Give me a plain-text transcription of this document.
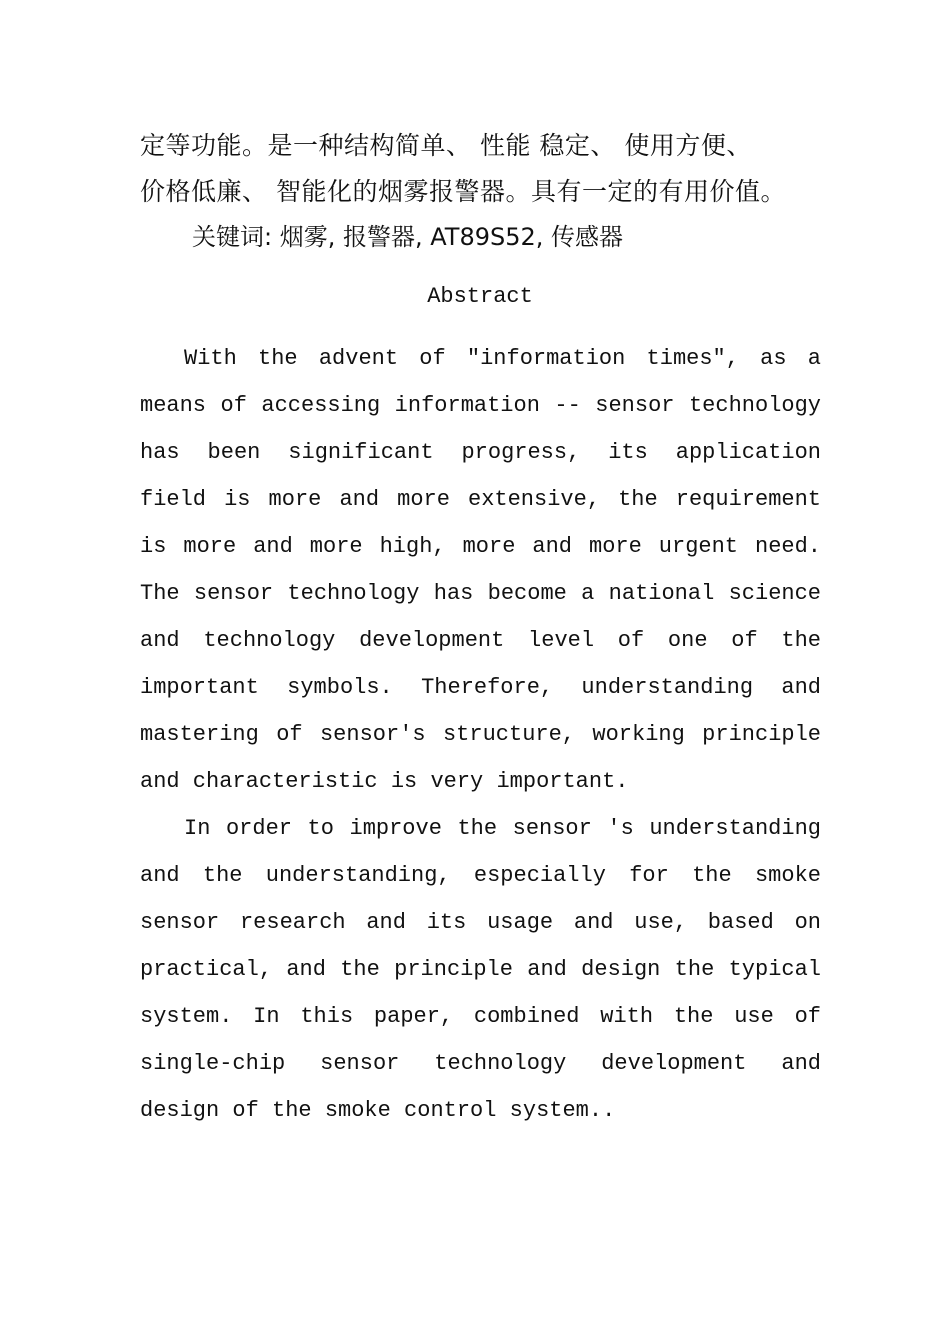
定等功能。是一种结构简单、 性能 稳定、 使用方便、
价格低廉、 智能化的烟雾报警器。具有一定的有用价值。
关键词: 烟雾, 报警器, AT89S52, 传感器
Abstract

With the advent of "information times", as a means of accessing information -- sensor technology has been significant progress, its application field is more and more extensive, the requirement is more and more high, more and more urgent need. The sensor technology has become a national science and technology development level of one of the important symbols. Therefore, understanding and mastering of sensor's structure, working principle and characteristic is very important.

In order to improve the sensor 's understanding and the understanding, especially for the smoke sensor research and its usage and use, based on practical, and the principle and design the typical system. In this paper, combined with the use of single-chip sensor technology development and design of the smoke control system..
